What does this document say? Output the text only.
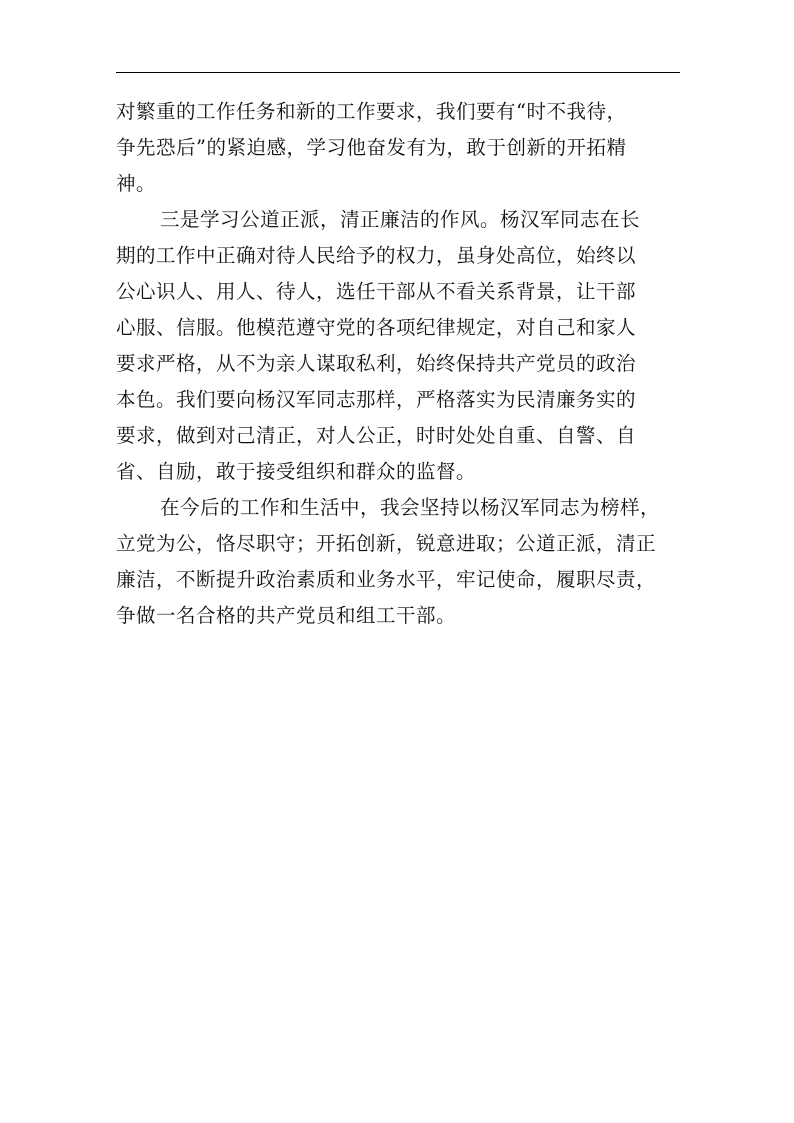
对繁重的工作任务和新的工作要求，我们要有“时不我待，
争先恐后”的紧迫感，学习他奋发有为，敢于创新的开拓精
神。
三是学习公道正派，清正廉洁的作风。杨汉军同志在长
期的工作中正确对待人民给予的权力，虽身处高位，始终以
公心识人、用人、待人，选任干部从不看关系背景，让干部
心服、信服。他模范遵守党的各项纪律规定，对自己和家人
要求严格，从不为亲人谋取私利，始终保持共产党员的政治
本色。我们要向杨汉军同志那样，严格落实为民清廉务实的
要求，做到对己清正，对人公正，时时处处自重、自警、自
省、自励，敢于接受组织和群众的监督。
在今后的工作和生活中，我会坚持以杨汉军同志为榜样，
立党为公，恪尽职守；开拓创新，锐意进取；公道正派，清正
廉洁，不断提升政治素质和业务水平，牢记使命，履职尽责，
争做一名合格的共产党员和组工干部。
